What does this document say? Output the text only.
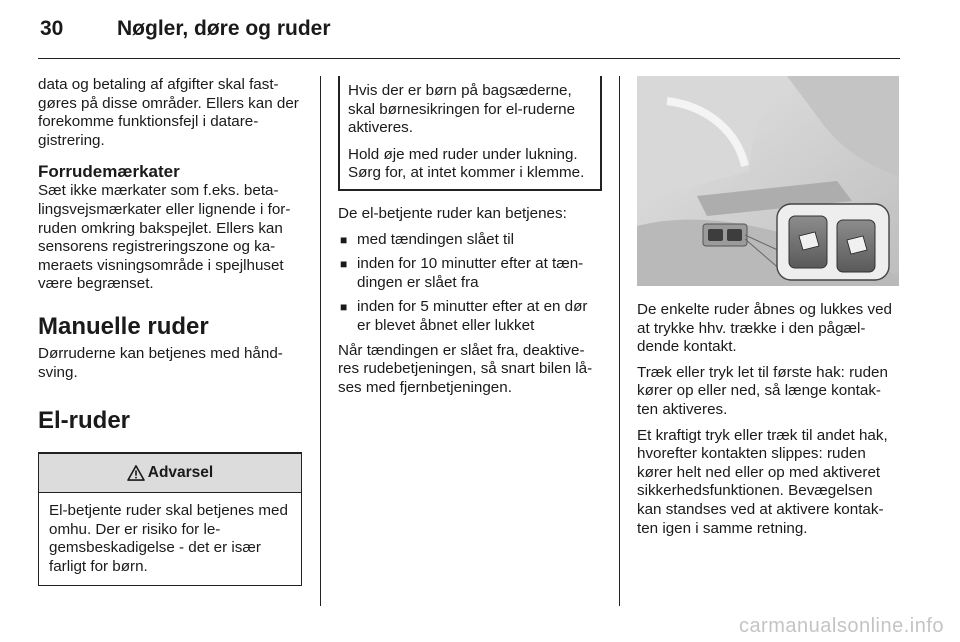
30	Nøgler, døre og ruder

data og betaling af afgifter skal fast- gøres på disse områder. Ellers kan der forekomme funktionsfejl i datare- gistrering.

Forrudemærkater

Sæt ikke mærkater som f.eks. beta- lingsvejsmærkater eller lignende i for- ruden omkring bakspejlet. Ellers kan sensorens registreringszone og ka- meraets visningsområde i spejlhuset være begrænset.

Manuelle ruder

Dørruderne kan betjenes med hånd- sving.

El-ruder
Advarsel
El-betjente ruder skal betjenes med omhu. Der er risiko for le- gemsbeskadigelse - det er især farligt for børn.

Hvis der er børn på bagsæderne, skal børnesikringen for el-ruderne aktiveres.

Hold øje med ruder under lukning. Sørg for, at intet kommer i klemme.

De el-betjente ruder kan betjenes:

■ med tændingen slået til
■ inden for 10 minutter efter at tæn- dingen er slået fra
■ inden for 5 minutter efter at en dør er blevet åbnet eller lukket

Når tændingen er slået fra, deaktive- res rudebetjeningen, så snart bilen lå- ses med fjernbetjeningen.

De enkelte ruder åbnes og lukkes ved at trykke hhv. trække i den pågæl- dende kontakt.

Træk eller tryk let til første hak: ruden kører op eller ned, så længe kontak- ten aktiveres.

Et kraftigt tryk eller træk til andet hak, hvorefter kontakten slippes: ruden kører helt ned eller op med aktiveret sikkerhedsfunktionen. Bevægelsen kan standses ved at aktivere kontak- ten igen i samme retning.

carmanualsonline.info
